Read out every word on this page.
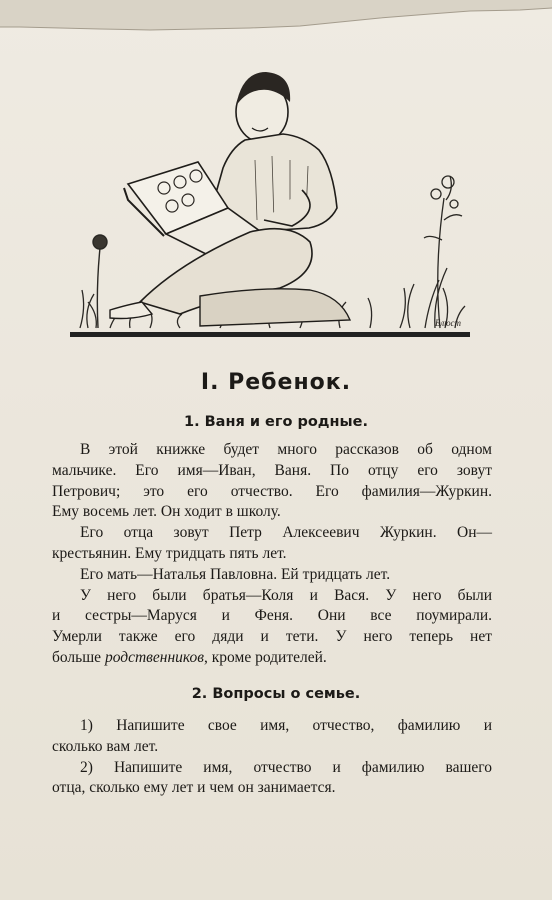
Блюст
I. Ребенок.
1. Ваня и его родные.
В этой книжке будет много рассказов об одном
мальчике. Его имя—Иван, Ваня. По отцу его зовут
Петрович; это его отчество. Его фамилия—Журкин.
Ему восемь лет. Он ходит в школу.
Его отца зовут Петр Алексеевич Журкин. Он—
крестьянин. Ему тридцать пять лет.
Его мать—Наталья Павловна. Ей тридцать лет.
У него были братья—Коля и Вася. У него были
и сестры—Маруся и Феня. Они все поумирали.
Умерли также его дяди и тети. У него теперь нет
больше родственников, кроме родителей.
2. Вопросы о семье.
1) Напишите свое имя, отчество, фамилию и
сколько вам лет.
2) Напишите имя, отчество и фамилию вашего
отца, сколько ему лет и чем он занимается.
